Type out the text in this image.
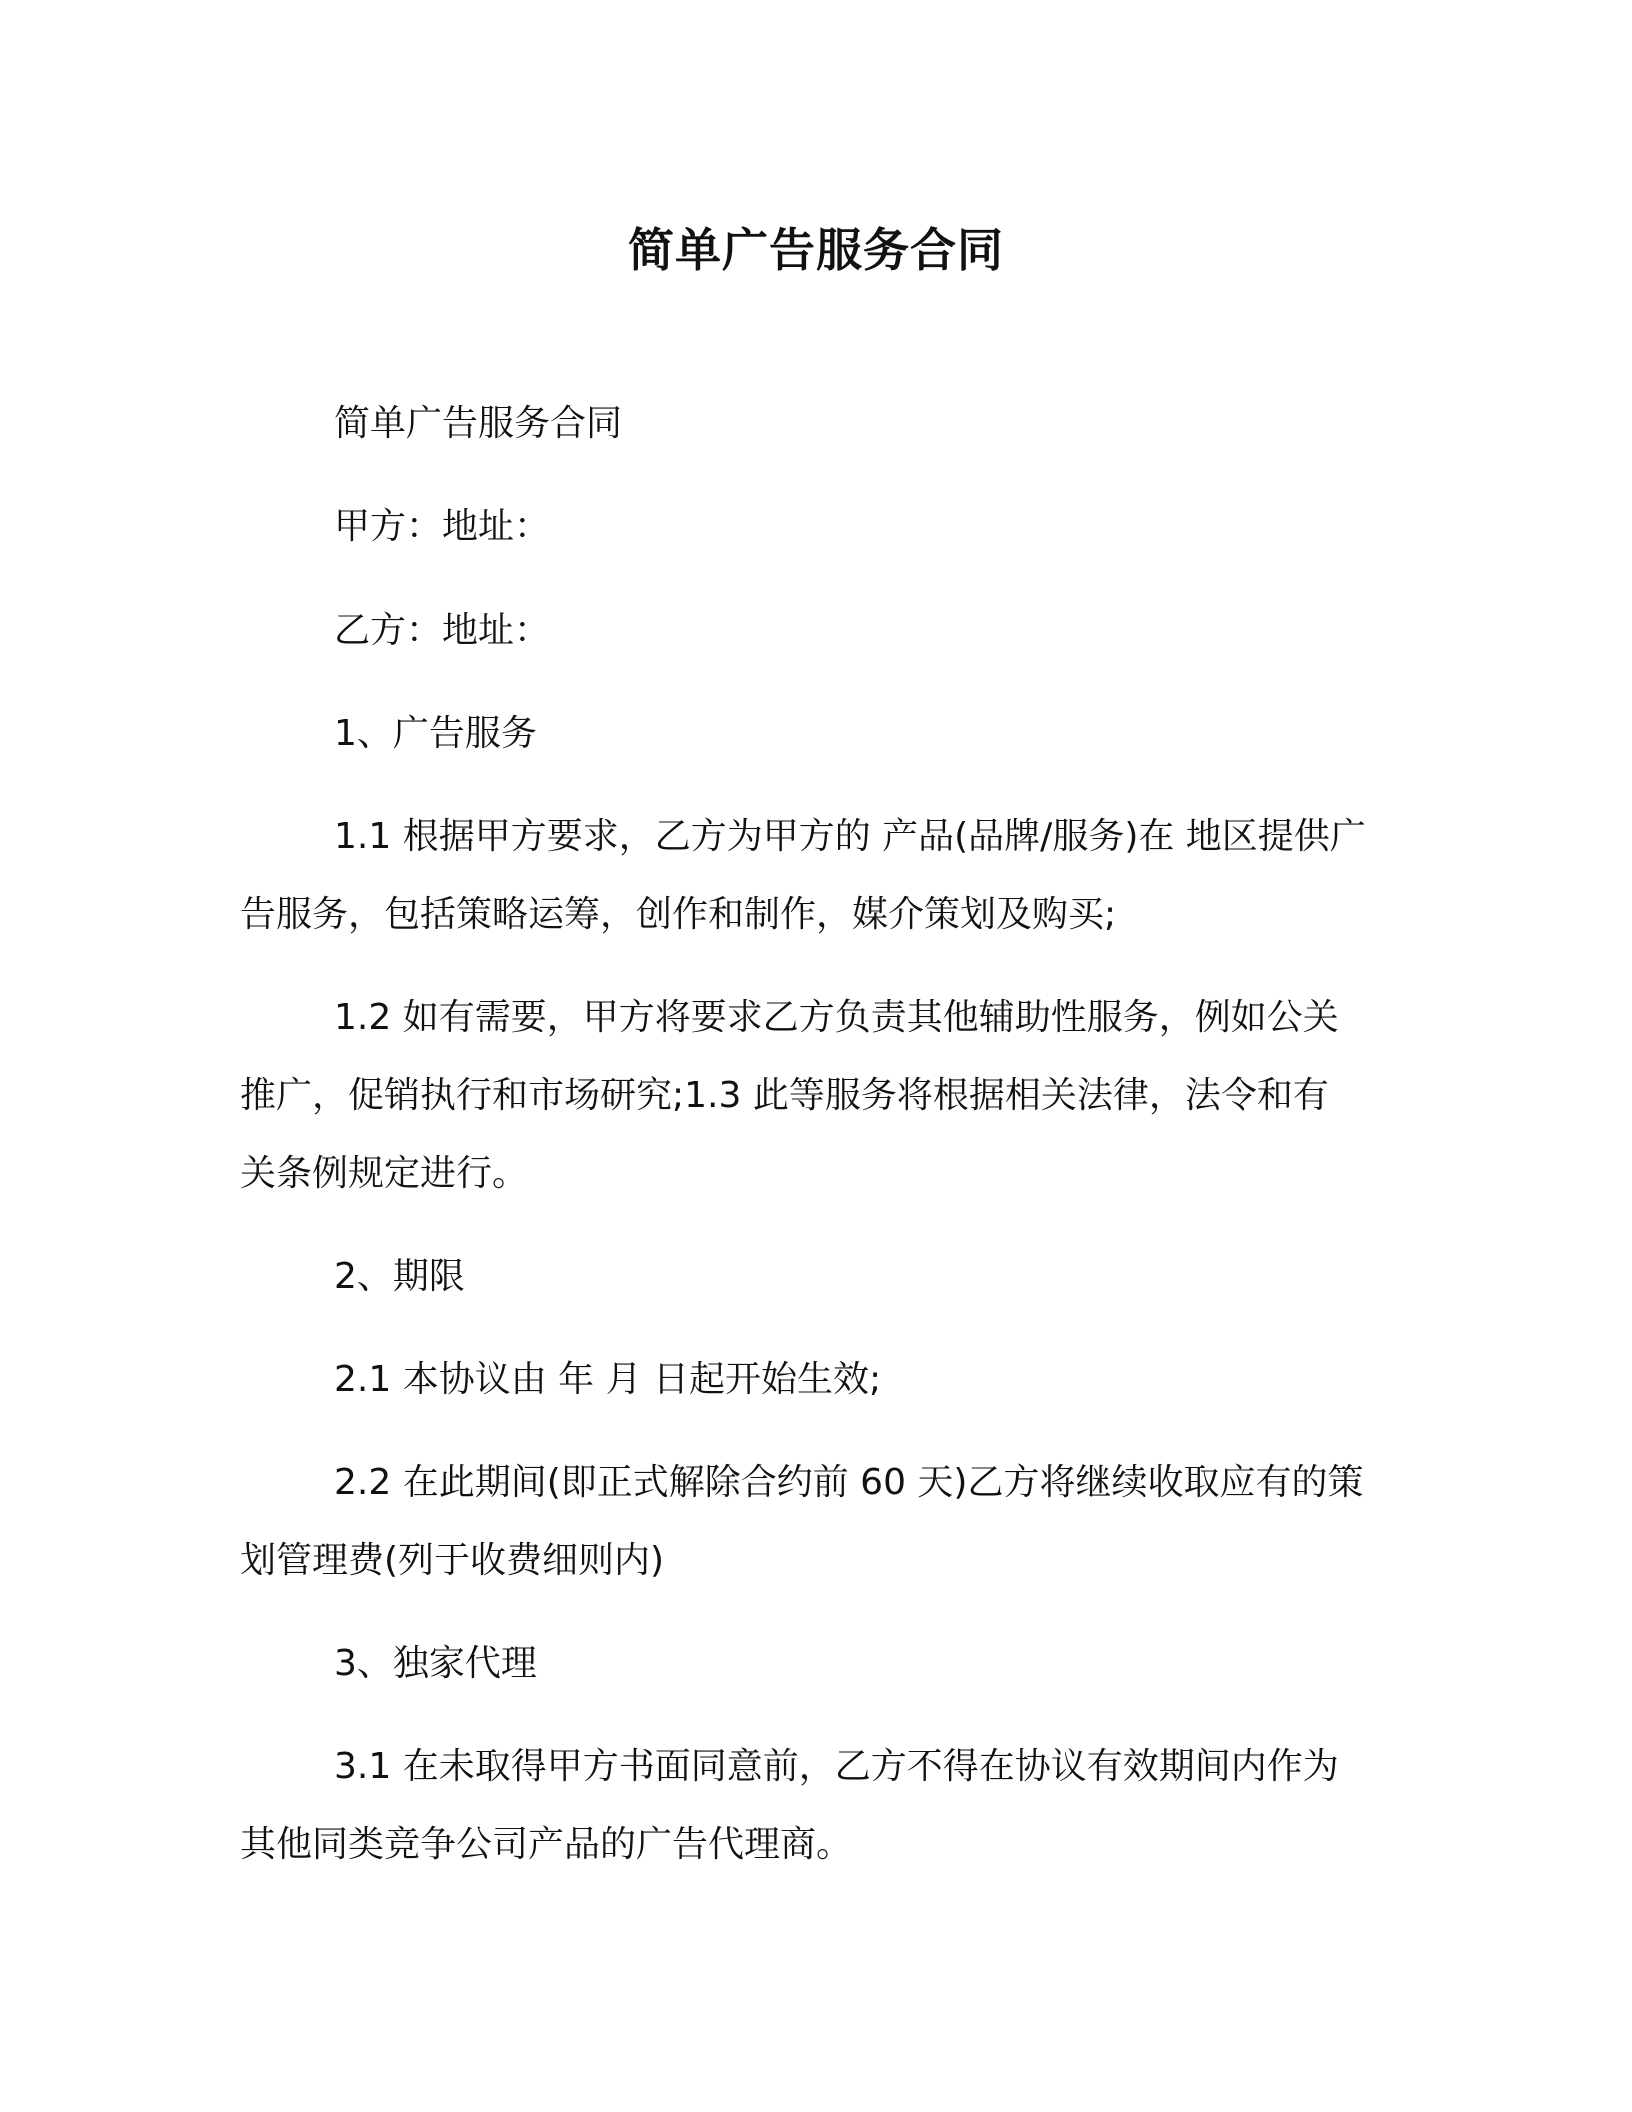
简单广告服务合同
简单广告服务合同
甲方：地址：
乙方：地址：
1、广告服务
1.1 根据甲方要求，乙方为甲方的 产品(品牌/服务)在 地区提供广
告服务，包括策略运筹，创作和制作，媒介策划及购买;
1.2 如有需要，甲方将要求乙方负责其他辅助性服务，例如公关
推广，促销执行和市场研究;1.3 此等服务将根据相关法律，法令和有
关条例规定进行。
2、期限
2.1 本协议由 年 月 日起开始生效;
2.2 在此期间(即正式解除合约前 60 天)乙方将继续收取应有的策
划管理费(列于收费细则内)
3、独家代理
3.1 在未取得甲方书面同意前，乙方不得在协议有效期间内作为
其他同类竞争公司产品的广告代理商。
